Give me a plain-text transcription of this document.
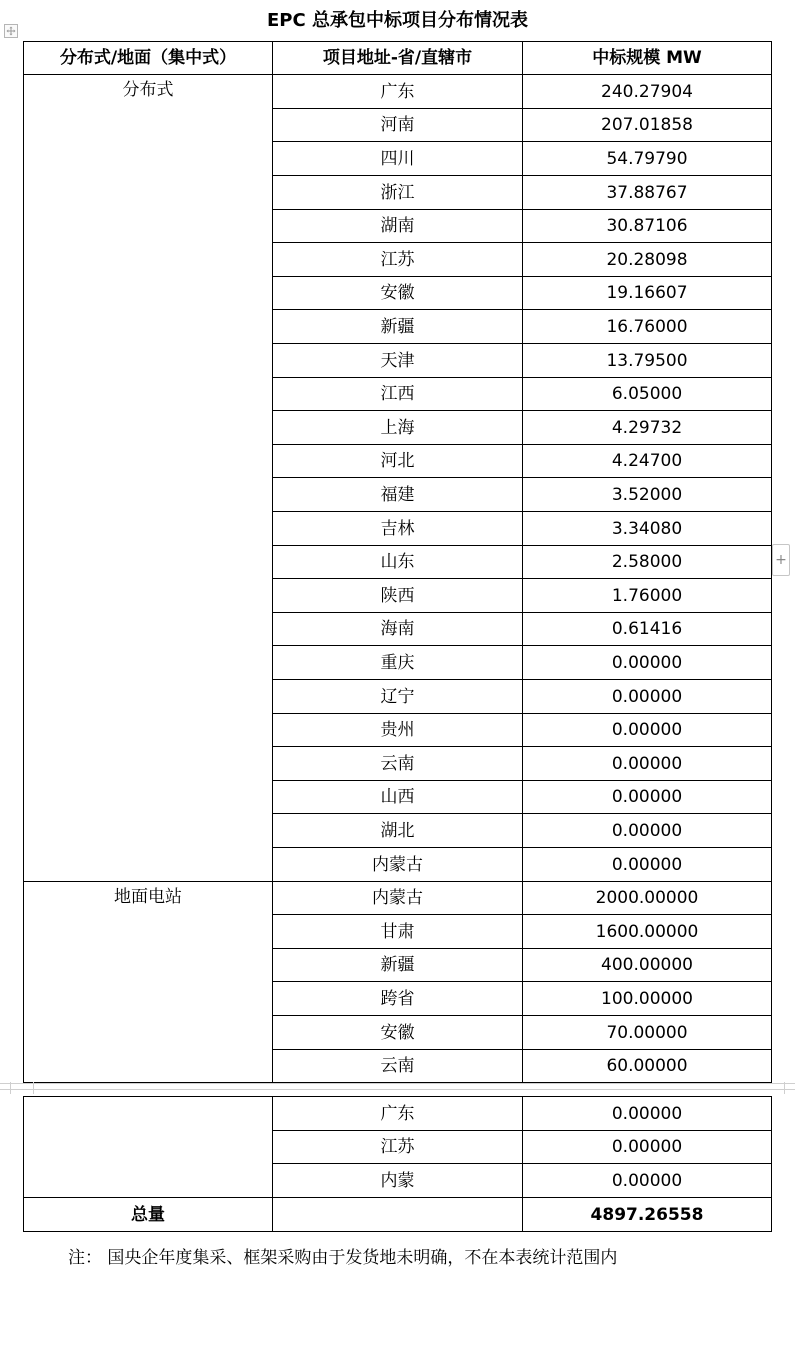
EPC 总承包中标项目分布情况表
分布式/地面（集中式）	项目地址-省/直辖市	中标规模 MW
分布式	广东	240.27904
	河南	207.01858
	四川	54.79790
	浙江	37.88767
	湖南	30.87106
	江苏	20.28098
	安徽	19.16607
	新疆	16.76000
	天津	13.79500
	江西	6.05000
	上海	4.29732
	河北	4.24700
	福建	3.52000
	吉林	3.34080
	山东	2.58000
	陕西	1.76000
	海南	0.61416
	重庆	0.00000
	辽宁	0.00000
	贵州	0.00000
	云南	0.00000
	山西	0.00000
	湖北	0.00000
	内蒙古	0.00000
地面电站	内蒙古	2000.00000
	甘肃	1600.00000
	新疆	400.00000
	跨省	100.00000
	安徽	70.00000
	云南	60.00000
	广东	0.00000
	江苏	0.00000
	内蒙	0.00000
总量		4897.26558
+
注： 国央企年度集采、框架采购由于发货地未明确，不在本表统计范围内
